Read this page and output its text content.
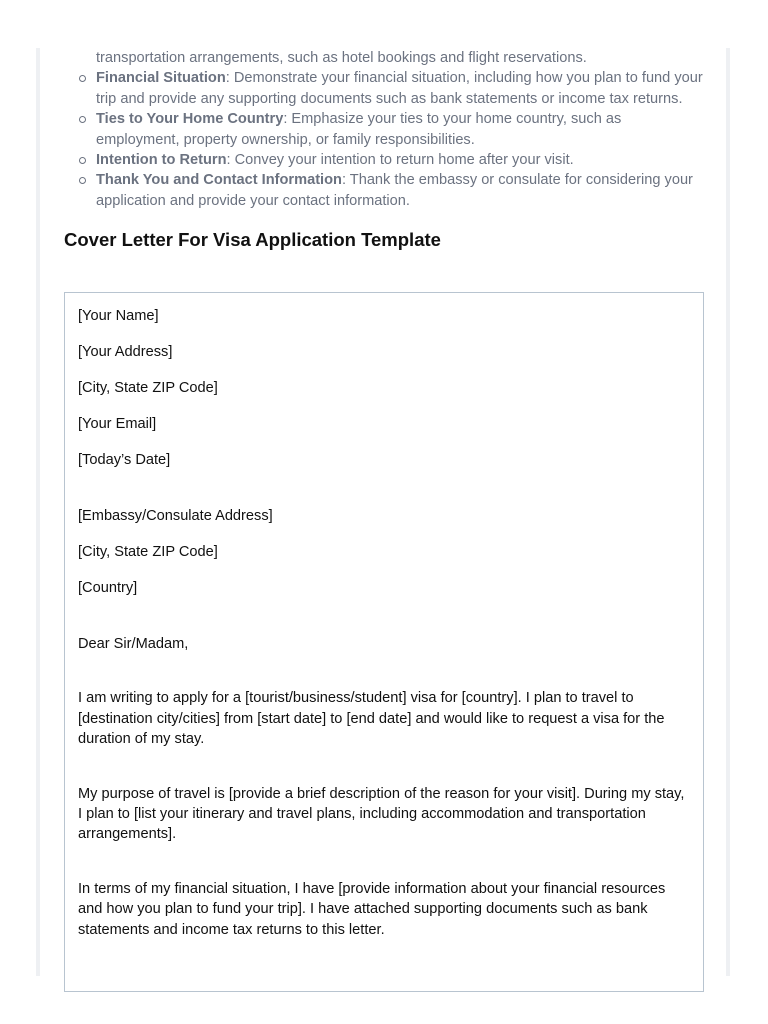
transportation arrangements, such as hotel bookings and flight reservations.
Financial Situation: Demonstrate your financial situation, including how you plan to fund your trip and provide any supporting documents such as bank statements or income tax returns.
Ties to Your Home Country: Emphasize your ties to your home country, such as employment, property ownership, or family responsibilities.
Intention to Return: Convey your intention to return home after your visit.
Thank You and Contact Information: Thank the embassy or consulate for considering your application and provide your contact information.
Cover Letter For Visa Application Template

[Your Name]

[Your Address]

[City, State ZIP Code]

[Your Email]

[Today’s Date]

[Embassy/Consulate Address]

[City, State ZIP Code]

[Country]

Dear Sir/Madam,

I am writing to apply for a [tourist/business/student] visa for [country]. I plan to travel to [destination city/cities] from [start date] to [end date] and would like to request a visa for the duration of my stay.

My purpose of travel is [provide a brief description of the reason for your visit]. During my stay, I plan to [list your itinerary and travel plans, including accommodation and transportation arrangements].

In terms of my financial situation, I have [provide information about your financial resources and how you plan to fund your trip]. I have attached supporting documents such as bank statements and income tax returns to this letter.
